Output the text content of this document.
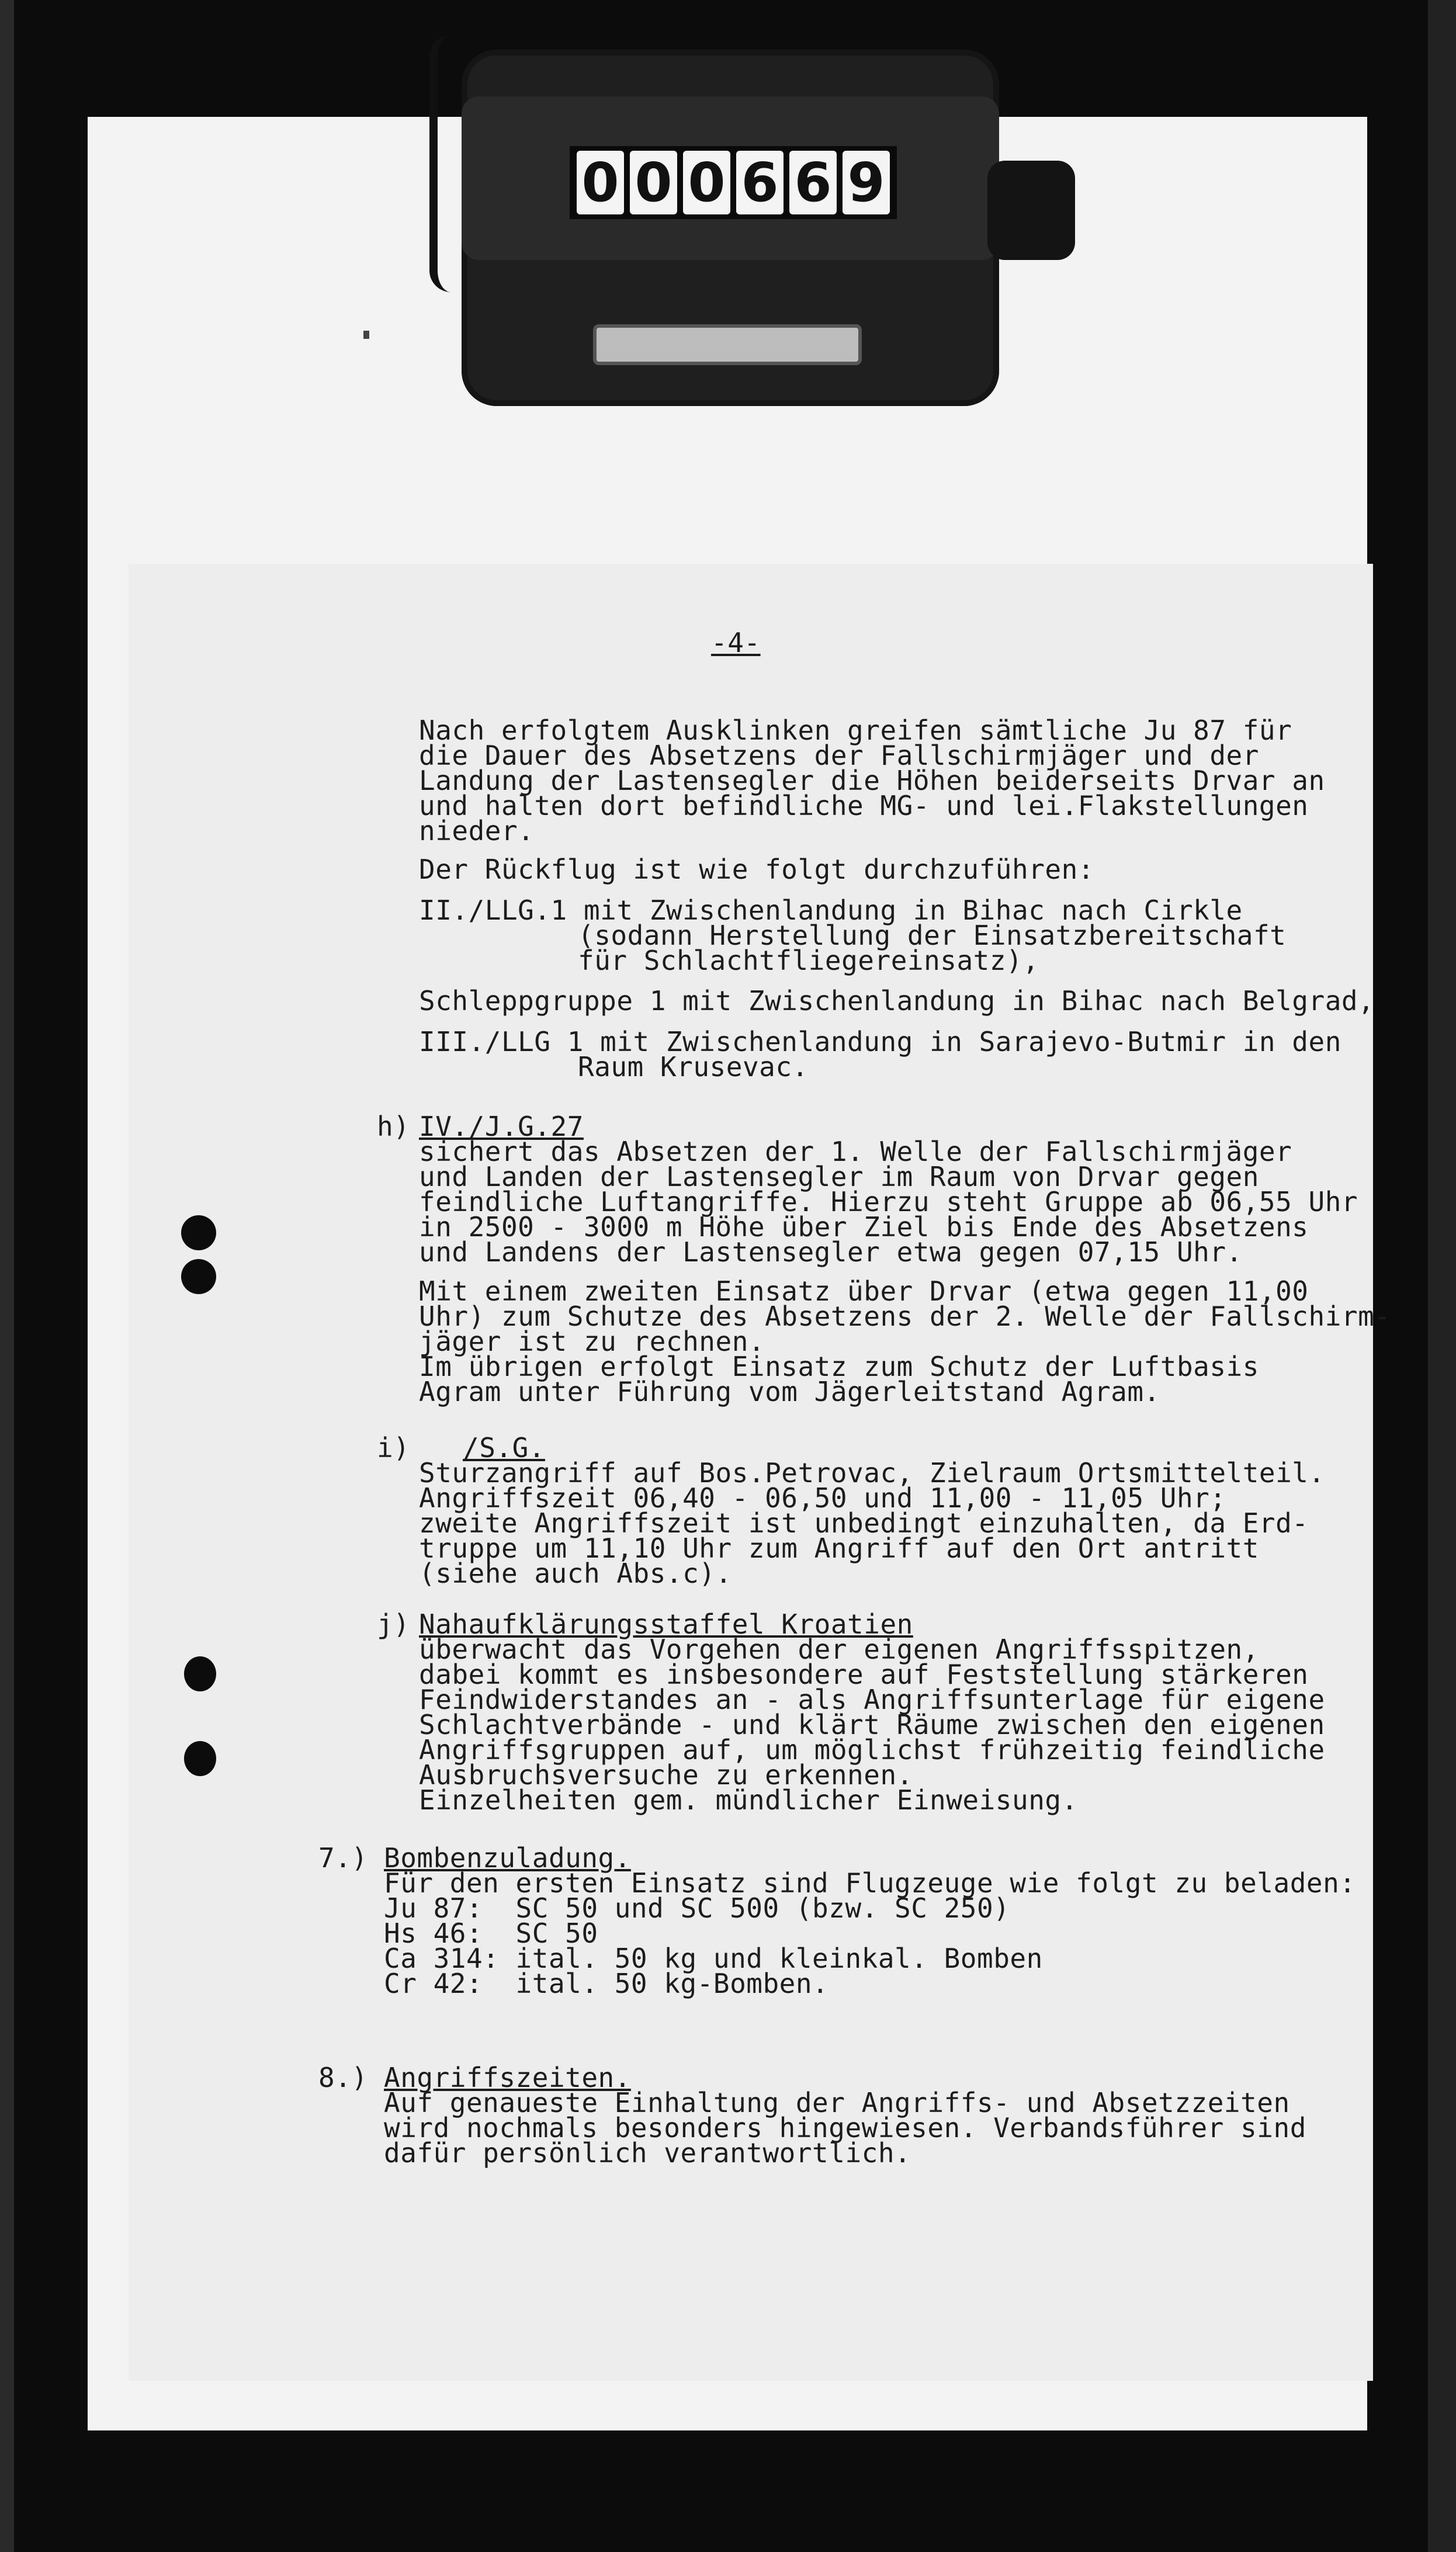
0 0 0 6 6 9
-4-
Nach erfolgtem Ausklinken greifen sämtliche Ju 87 für
die Dauer des Absetzens der Fallschirmjäger und der
Landung der Lastensegler die Höhen beiderseits Drvar an
und halten dort befindliche MG- und lei.Flakstellungen
nieder.
Der Rückflug ist wie folgt durchzuführen:
II./LLG.1 mit Zwischenlandung in Bihac nach Cirkle
(sodann Herstellung der Einsatzbereitschaft
für Schlachtfliegereinsatz),
Schleppgruppe 1 mit Zwischenlandung in Bihac nach Belgrad,
III./LLG 1 mit Zwischenlandung in Sarajevo-Butmir in den
Raum Krusevac.
h) IV./J.G.27
sichert das Absetzen der 1. Welle der Fallschirmjäger
und Landen der Lastensegler im Raum von Drvar gegen
feindliche Luftangriffe. Hierzu steht Gruppe ab 06,55 Uhr
in 2500 - 3000 m Höhe über Ziel bis Ende des Absetzens
und Landens der Lastensegler etwa gegen 07,15 Uhr.
Mit einem zweiten Einsatz über Drvar (etwa gegen 11,00
Uhr) zum Schutze des Absetzens der 2. Welle der Fallschirm-
jäger ist zu rechnen.
Im übrigen erfolgt Einsatz zum Schutz der Luftbasis
Agram unter Führung vom Jägerleitstand Agram.
i) /S.G.
Sturzangriff auf Bos.Petrovac, Zielraum Ortsmittelteil.
Angriffszeit 06,40 - 06,50 und 11,00 - 11,05 Uhr;
zweite Angriffszeit ist unbedingt einzuhalten, da Erd-
truppe um 11,10 Uhr zum Angriff auf den Ort antritt
(siehe auch Abs.c).
j) Nahaufklärungsstaffel Kroatien
überwacht das Vorgehen der eigenen Angriffsspitzen,
dabei kommt es insbesondere auf Feststellung stärkeren
Feindwiderstandes an - als Angriffsunterlage für eigene
Schlachtverbände - und klärt Räume zwischen den eigenen
Angriffsgruppen auf, um möglichst frühzeitig feindliche
Ausbruchsversuche zu erkennen.
Einzelheiten gem. mündlicher Einweisung.
7.) Bombenzuladung.
Für den ersten Einsatz sind Flugzeuge wie folgt zu beladen:
Ju 87:  SC 50 und SC 500 (bzw. SC 250)
Hs 46:  SC 50
Ca 314: ital. 50 kg und kleinkal. Bomben
Cr 42:  ital. 50 kg-Bomben.
8.) Angriffszeiten.
Auf genaueste Einhaltung der Angriffs- und Absetzzeiten
wird nochmals besonders hingewiesen. Verbandsführer sind
dafür persönlich verantwortlich.
